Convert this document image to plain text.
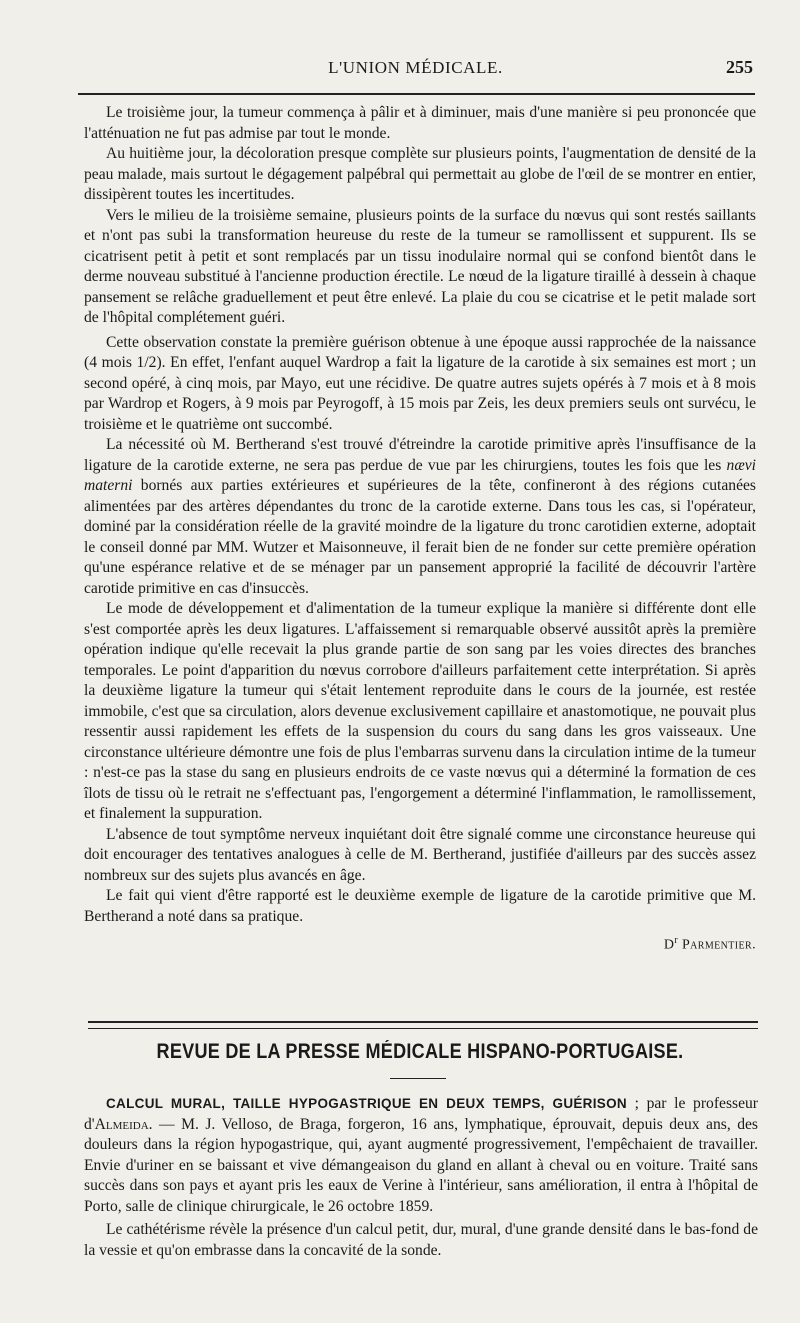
L'UNION MÉDICALE.	255

Le troisième jour, la tumeur commença à pâlir et à diminuer, mais d'une manière si peu prononcée que l'atténuation ne fut pas admise par tout le monde.

Au huitième jour, la décoloration presque complète sur plusieurs points, l'augmentation de densité de la peau malade, mais surtout le dégagement palpébral qui permettait au globe de l'œil de se montrer en entier, dissipèrent toutes les incertitudes.

Vers le milieu de la troisième semaine, plusieurs points de la surface du nœvus qui sont restés saillants et n'ont pas subi la transformation heureuse du reste de la tumeur se ramollissent et suppurent. Ils se cicatrisent petit à petit et sont remplacés par un tissu inodulaire normal qui se confond bientôt dans le derme nouveau substitué à l'ancienne production érectile. Le nœud de la ligature tiraillé à dessein à chaque pansement se relâche graduellement et peut être enlevé. La plaie du cou se cicatrise et le petit malade sort de l'hôpital complétement guéri.

Cette observation constate la première guérison obtenue à une époque aussi rapprochée de la naissance (4 mois 1/2). En effet, l'enfant auquel Wardrop a fait la ligature de la carotide à six semaines est mort ; un second opéré, à cinq mois, par Mayo, eut une récidive. De quatre autres sujets opérés à 7 mois et à 8 mois par Wardrop et Rogers, à 9 mois par Peyrogoff, à 15 mois par Zeis, les deux premiers seuls ont survécu, le troisième et le quatrième ont succombé.

La nécessité où M. Bertherand s'est trouvé d'étreindre la carotide primitive après l'insuffisance de la ligature de la carotide externe, ne sera pas perdue de vue par les chirurgiens, toutes les fois que les nævi materni bornés aux parties extérieures et supérieures de la tête, confineront à des régions cutanées alimentées par des artères dépendantes du tronc de la carotide externe. Dans tous les cas, si l'opérateur, dominé par la considération réelle de la gravité moindre de la ligature du tronc carotidien externe, adoptait le conseil donné par MM. Wutzer et Maisonneuve, il ferait bien de ne fonder sur cette première opération qu'une espérance relative et de se ménager par un pansement approprié la facilité de découvrir l'artère carotide primitive en cas d'insuccès.

Le mode de développement et d'alimentation de la tumeur explique la manière si différente dont elle s'est comportée après les deux ligatures. L'affaissement si remarquable observé aussitôt après la première opération indique qu'elle recevait la plus grande partie de son sang par les voies directes des branches temporales. Le point d'apparition du nœvus corrobore d'ailleurs parfaitement cette interprétation. Si après la deuxième ligature la tumeur qui s'était lentement reproduite dans le cours de la journée, est restée immobile, c'est que sa circulation, alors devenue exclusivement capillaire et anastomotique, ne pouvait plus ressentir aussi rapidement les effets de la suspension du cours du sang dans les gros vaisseaux. Une circonstance ultérieure démontre une fois de plus l'embarras survenu dans la circulation intime de la tumeur : n'est-ce pas la stase du sang en plusieurs endroits de ce vaste nœvus qui a déterminé la formation de ces îlots de tissu où le retrait ne s'effectuant pas, l'engorgement a déterminé l'inflammation, le ramollissement, et finalement la suppuration.

L'absence de tout symptôme nerveux inquiétant doit être signalé comme une circonstance heureuse qui doit encourager des tentatives analogues à celle de M. Bertherand, justifiée d'ailleurs par des succès assez nombreux sur des sujets plus avancés en âge.

Le fait qui vient d'être rapporté est le deuxième exemple de ligature de la carotide primitive que M. Bertherand a noté dans sa pratique.

$D^r$ Parmentier.
REVUE DE LA PRESSE MÉDICALE HISPANO-PORTUGAISE.

CALCUL MURAL, TAILLE HYPOGASTRIQUE EN DEUX TEMPS, GUÉRISON ; par le professeur d'Almeida. — M. J. Velloso, de Braga, forgeron, 16 ans, lymphatique, éprouvait, depuis deux ans, des douleurs dans la région hypogastrique, qui, ayant augmenté progressivement, l'empêchaient de travailler. Envie d'uriner en se baissant et vive démangeaison du gland en allant à cheval ou en voiture. Traité sans succès dans son pays et ayant pris les eaux de Verine à l'intérieur, sans amélioration, il entra à l'hôpital de Porto, salle de clinique chirurgicale, le 26 octobre 1859.

Le cathétérisme révèle la présence d'un calcul petit, dur, mural, d'une grande densité dans le bas-fond de la vessie et qu'on embrasse dans la concavité de la sonde.
